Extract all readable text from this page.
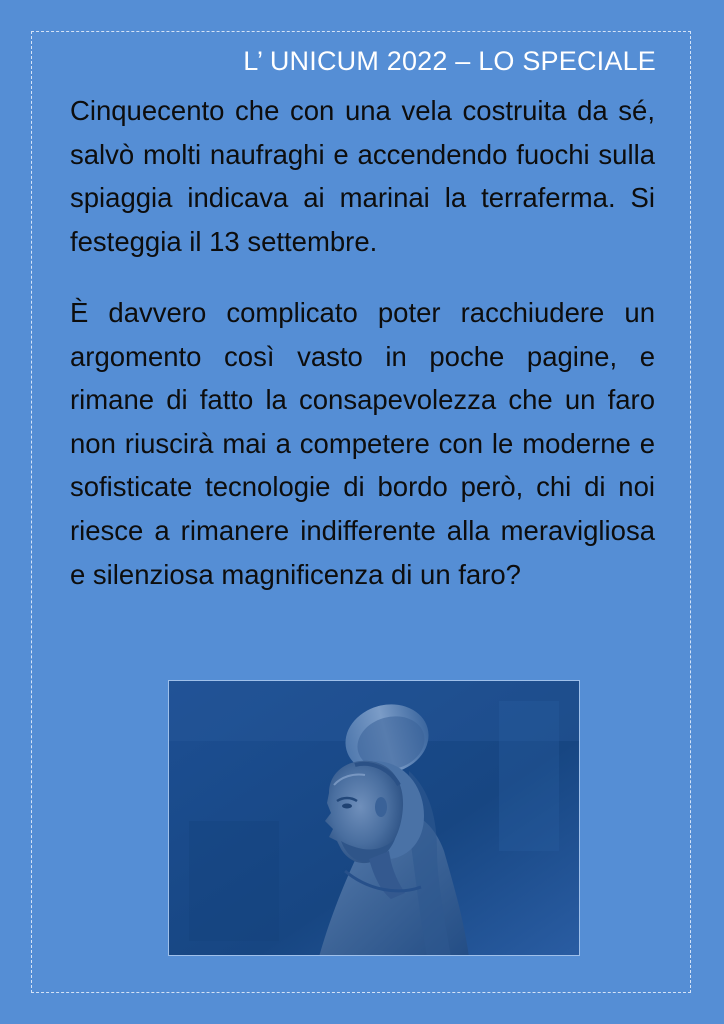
L’ UNICUM 2022 – LO SPECIALE

Cinquecento che con una vela costruita da sé, salvò molti naufraghi e accendendo fuochi sulla spiaggia indicava ai marinai la terraferma. Si festeggia il 13 settembre.

È davvero complicato poter racchiudere un argomento così vasto in poche pagine, e rimane di fatto la consapevolezza che un faro non riuscirà mai a competere con le moderne e sofisticate tecnologie di bordo però, chi di noi riesce a rimanere indifferente alla meravigliosa e silenziosa magnificenza di un faro?
